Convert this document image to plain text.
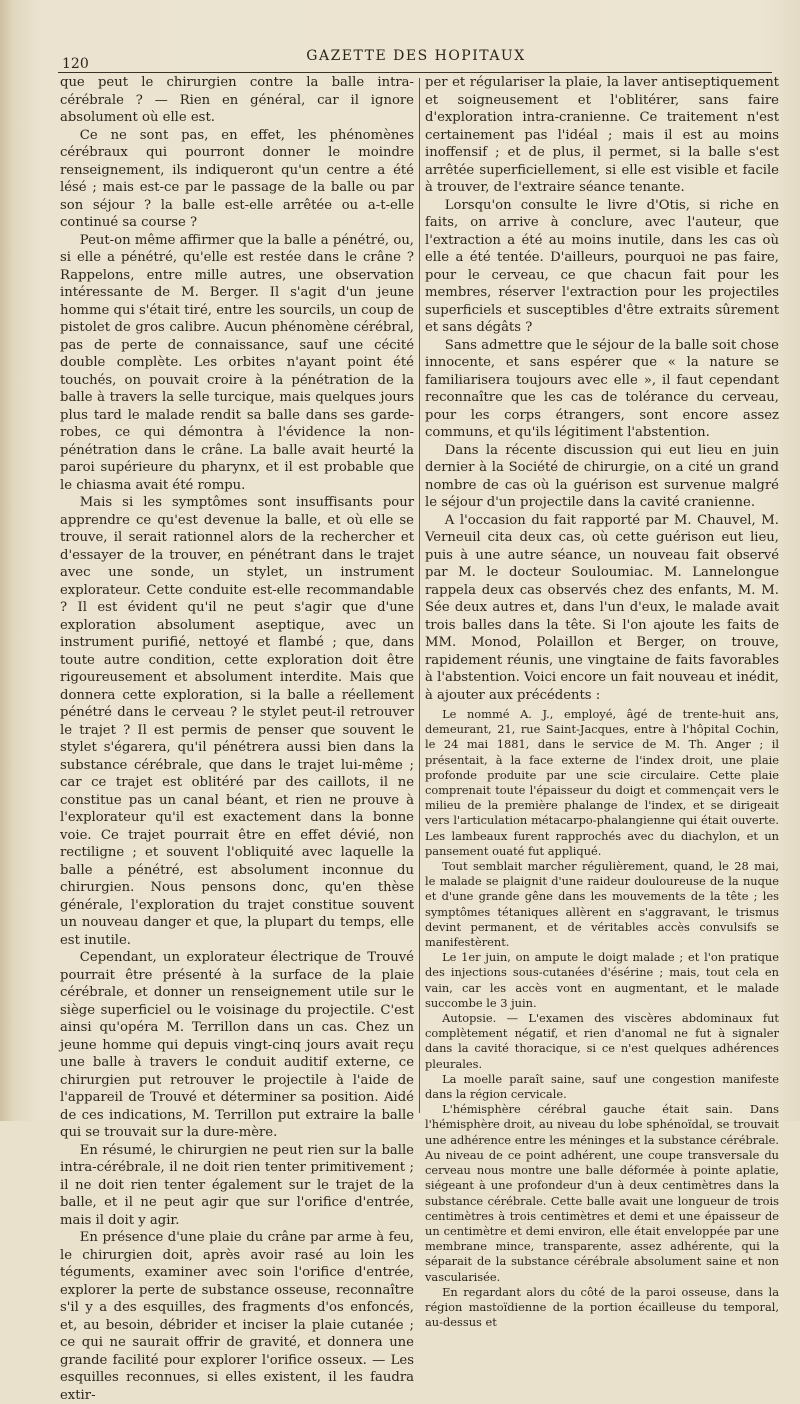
120	GAZETTE DES HOPITAUX

que peut le chirurgien contre la balle intra-cérébrale ? — Rien en général, car il ignore absolument où elle est.

Ce ne sont pas, en effet, les phénomènes cérébraux qui pourront donner le moindre renseignement, ils indiqueront qu'un centre a été lésé ; mais est-ce par le passage de la balle ou par son séjour ? la balle est-elle arrêtée ou a-t-elle continué sa course ?

Peut-on même affirmer que la balle a pénétré, ou, si elle a pénétré, qu'elle est restée dans le crâne ? Rappelons, entre mille autres, une observation intéressante de M. Berger. Il s'agit d'un jeune homme qui s'était tiré, entre les sourcils, un coup de pistolet de gros calibre. Aucun phénomène cérébral, pas de perte de connaissance, sauf une cécité double complète. Les orbites n'ayant point été touchés, on pouvait croire à la pénétration de la balle à travers la selle turcique, mais quelques jours plus tard le malade rendit sa balle dans ses garde-robes, ce qui démontra à l'évidence la non-pénétration dans le crâne. La balle avait heurté la paroi supérieure du pharynx, et il est probable que le chiasma avait été rompu.

Mais si les symptômes sont insuffisants pour apprendre ce qu'est devenue la balle, et où elle se trouve, il serait rationnel alors de la rechercher et d'essayer de la trouver, en pénétrant dans le trajet avec une sonde, un stylet, un instrument explorateur. Cette conduite est-elle recommandable ? Il est évident qu'il ne peut s'agir que d'une exploration absolument aseptique, avec un instrument purifié, nettoyé et flambé ; que, dans toute autre condition, cette exploration doit être rigoureusement et absolument interdite. Mais que donnera cette exploration, si la balle a réellement pénétré dans le cerveau ? le stylet peut-il retrouver le trajet ? Il est permis de penser que souvent le stylet s'égarera, qu'il pénétrera aussi bien dans la substance cérébrale, que dans le trajet lui-même ; car ce trajet est oblitéré par des caillots, il ne constitue pas un canal béant, et rien ne prouve à l'explorateur qu'il est exactement dans la bonne voie. Ce trajet pourrait être en effet dévié, non rectiligne ; et souvent l'obliquité avec laquelle la balle a pénétré, est absolument inconnue du chirurgien. Nous pensons donc, qu'en thèse générale, l'exploration du trajet constitue souvent un nouveau danger et que, la plupart du temps, elle est inutile.

Cependant, un explorateur électrique de Trouvé pourrait être présenté à la surface de la plaie cérébrale, et donner un renseignement utile sur le siège superficiel ou le voisinage du projectile. C'est ainsi qu'opéra M. Terrillon dans un cas. Chez un jeune homme qui depuis vingt-cinq jours avait reçu une balle à travers le conduit auditif externe, ce chirurgien put retrouver le projectile à l'aide de l'appareil de Trouvé et déterminer sa position. Aidé de ces indications, M. Terrillon put extraire la balle qui se trouvait sur la dure-mère.

En résumé, le chirurgien ne peut rien sur la balle intra-cérébrale, il ne doit rien tenter primitivement ; il ne doit rien tenter également sur le trajet de la balle, et il ne peut agir que sur l'orifice d'entrée, mais il doit y agir.

En présence d'une plaie du crâne par arme à feu, le chirurgien doit, après avoir rasé au loin les téguments, examiner avec soin l'orifice d'entrée, explorer la perte de substance osseuse, reconnaître s'il y a des esquilles, des fragments d'os enfoncés, et, au besoin, débrider et inciser la plaie cutanée ; ce qui ne saurait offrir de gravité, et donnera une grande facilité pour explorer l'orifice osseux. — Les esquilles reconnues, si elles existent, il les faudra extir-

per et régulariser la plaie, la laver antiseptiquement et soigneusement et l'oblitérer, sans faire d'exploration intra-cranienne. Ce traitement n'est certainement pas l'idéal ; mais il est au moins inoffensif ; et de plus, il permet, si la balle s'est arrêtée superficiellement, si elle est visible et facile à trouver, de l'extraire séance tenante.

Lorsqu'on consulte le livre d'Otis, si riche en faits, on arrive à conclure, avec l'auteur, que l'extraction a été au moins inutile, dans les cas où elle a été tentée. D'ailleurs, pourquoi ne pas faire, pour le cerveau, ce que chacun fait pour les membres, réserver l'extraction pour les projectiles superficiels et susceptibles d'être extraits sûrement et sans dégâts ?

Sans admettre que le séjour de la balle soit chose innocente, et sans espérer que « la nature se familiarisera toujours avec elle », il faut cependant reconnaître que les cas de tolérance du cerveau, pour les corps étrangers, sont encore assez communs, et qu'ils légitiment l'abstention.

Dans la récente discussion qui eut lieu en juin dernier à la Société de chirurgie, on a cité un grand nombre de cas où la guérison est survenue malgré le séjour d'un projectile dans la cavité cranienne.

A l'occasion du fait rapporté par M. Chauvel, M. Verneuil cita deux cas, où cette guérison eut lieu, puis à une autre séance, un nouveau fait observé par M. le docteur Souloumiac. M. Lannelongue rappela deux cas observés chez des enfants, M. M. Sée deux autres et, dans l'un d'eux, le malade avait trois balles dans la tête. Si l'on ajoute les faits de MM. Monod, Polaillon et Berger, on trouve, rapidement réunis, une vingtaine de faits favorables à l'abstention. Voici encore un fait nouveau et inédit, à ajouter aux précédents :

Le nommé A. J., employé, âgé de trente-huit ans, demeurant, 21, rue Saint-Jacques, entre à l'hôpital Cochin, le 24 mai 1881, dans le service de M. Th. Anger ; il présentait, à la face externe de l'index droit, une plaie profonde produite par une scie circulaire. Cette plaie comprenait toute l'épaisseur du doigt et commençait vers le milieu de la première phalange de l'index, et se dirigeait vers l'articulation métacarpo-phalangienne qui était ouverte. Les lambeaux furent rapprochés avec du diachylon, et un pansement ouaté fut appliqué.

Tout semblait marcher régulièrement, quand, le 28 mai, le malade se plaignit d'une raideur douloureuse de la nuque et d'une grande gêne dans les mouvements de la tête ; les symptômes tétaniques allèrent en s'aggravant, le trismus devint permanent, et de véritables accès convulsifs se manifestèrent.

Le 1er juin, on ampute le doigt malade ; et l'on pratique des injections sous-cutanées d'ésérine ; mais, tout cela en vain, car les accès vont en augmentant, et le malade succombe le 3 juin.

Autopsie. — L'examen des viscères abdominaux fut complètement négatif, et rien d'anomal ne fut à signaler dans la cavité thoracique, si ce n'est quelques adhérences pleurales.

La moelle paraît saine, sauf une congestion manifeste dans la région cervicale.

L'hémisphère cérébral gauche était sain. Dans l'hémisphère droit, au niveau du lobe sphénoïdal, se trouvait une adhérence entre les méninges et la substance cérébrale. Au niveau de ce point adhérent, une coupe transversale du cerveau nous montre une balle déformée à pointe aplatie, siégeant à une profondeur d'un à deux centimètres dans la substance cérébrale. Cette balle avait une longueur de trois centimètres à trois centimètres et demi et une épaisseur de un centimètre et demi environ, elle était enveloppée par une membrane mince, transparente, assez adhérente, qui la séparait de la substance cérébrale absolument saine et non vascularisée.

En regardant alors du côté de la paroi osseuse, dans la région mastoïdienne de la portion écailleuse du temporal, au-dessus et
